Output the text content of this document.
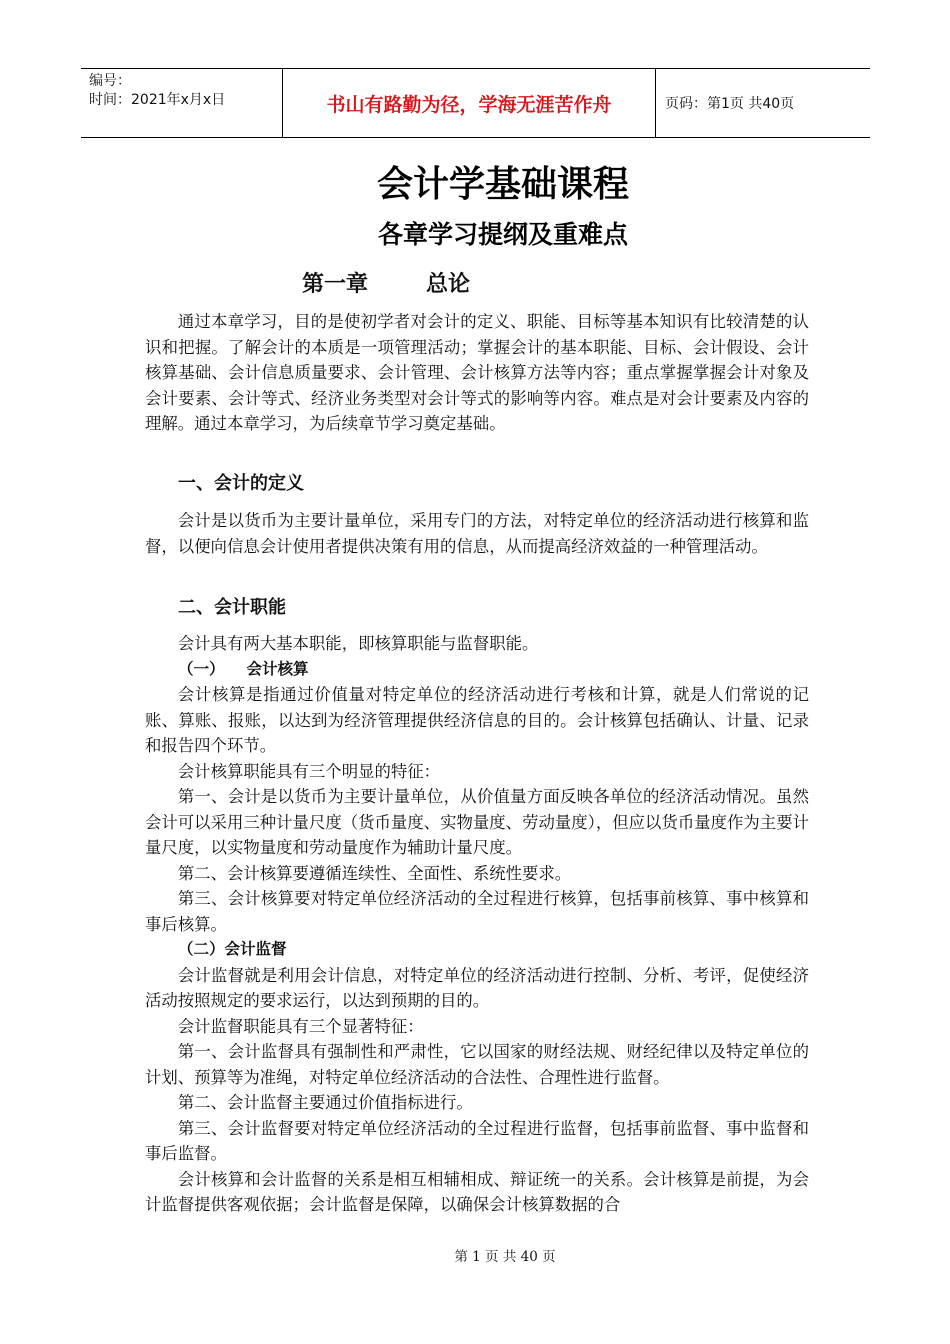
编号：
时间：2021年x月x日	书山有路勤为径，学海无涯苦作舟	页码：第1页 共40页
会计学基础课程
各章学习提纲及重难点
第一章	总论

通过本章学习，目的是使初学者对会计的定义、职能、目标等基本知识有比较清楚的认识和把握。了解会计的本质是一项管理活动；掌握会计的基本职能、目标、会计假设、会计核算基础、会计信息质量要求、会计管理、会计核算方法等内容；重点掌握掌握会计对象及会计要素、会计等式、经济业务类型对会计等式的影响等内容。难点是对会计要素及内容的理解。通过本章学习，为后续章节学习奠定基础。

一、会计的定义

会计是以货币为主要计量单位，采用专门的方法，对特定单位的经济活动进行核算和监督，以便向信息会计使用者提供决策有用的信息，从而提高经济效益的一种管理活动。

二、会计职能

会计具有两大基本职能，即核算职能与监督职能。

（一） 会计核算

会计核算是指通过价值量对特定单位的经济活动进行考核和计算，就是人们常说的记账、算账、报账，以达到为经济管理提供经济信息的目的。会计核算包括确认、计量、记录和报告四个环节。

会计核算职能具有三个明显的特征：

第一、会计是以货币为主要计量单位，从价值量方面反映各单位的经济活动情况。虽然会计可以采用三种计量尺度（货币量度、实物量度、劳动量度），但应以货币量度作为主要计量尺度，以实物量度和劳动量度作为辅助计量尺度。

第二、会计核算要遵循连续性、全面性、系统性要求。

第三、会计核算要对特定单位经济活动的全过程进行核算，包括事前核算、事中核算和事后核算。

（二）会计监督

会计监督就是利用会计信息，对特定单位的经济活动进行控制、分析、考评，促使经济活动按照规定的要求运行，以达到预期的目的。

会计监督职能具有三个显著特征：

第一、会计监督具有强制性和严肃性，它以国家的财经法规、财经纪律以及特定单位的计划、预算等为准绳，对特定单位经济活动的合法性、合理性进行监督。

第二、会计监督主要通过价值指标进行。

第三、会计监督要对特定单位经济活动的全过程进行监督，包括事前监督、事中监督和事后监督。

会计核算和会计监督的关系是相互相辅相成、辩证统一的关系。会计核算是前提，为会计监督提供客观依据；会计监督是保障，以确保会计核算数据的合

第 1 页 共 40 页
